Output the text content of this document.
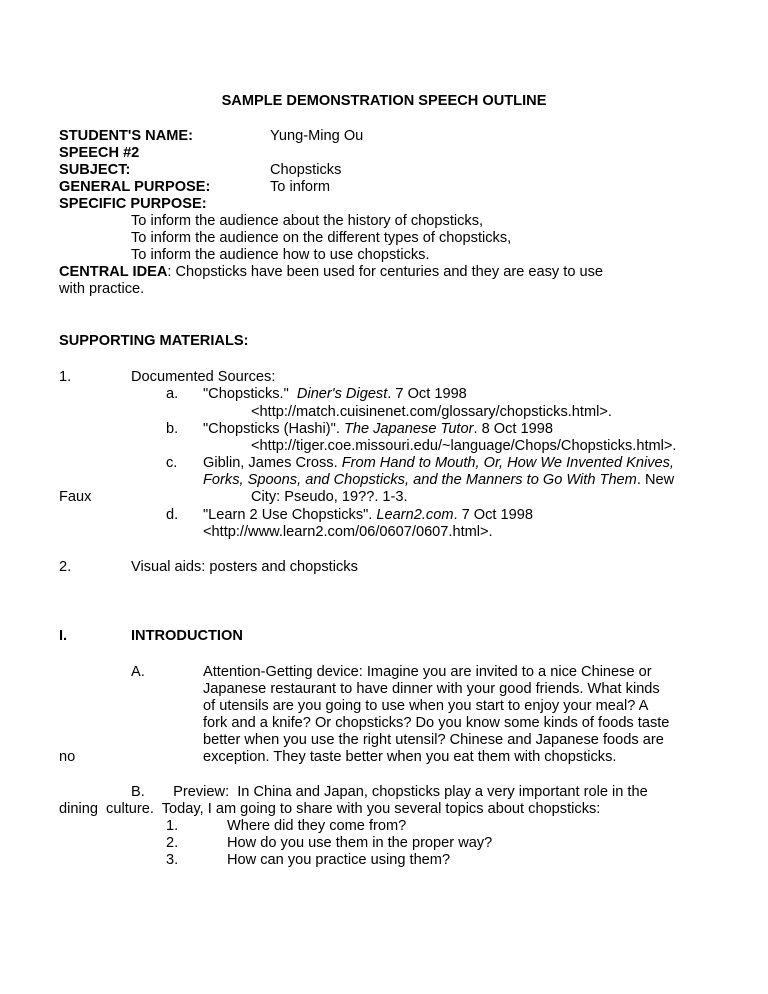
SAMPLE DEMONSTRATION SPEECH OUTLINE
STUDENT'S NAME:	Yung-Ming Ou
SPEECH #2
SUBJECT:	Chopsticks
GENERAL PURPOSE:	To inform
SPECIFIC PURPOSE:
To inform the audience about the history of chopsticks,
To inform the audience on the different types of chopsticks,
To inform the audience how to use chopsticks.
CENTRAL IDEA: Chopsticks have been used for centuries and they are easy to use
with practice.
SUPPORTING MATERIALS:
1.	Documented Sources:
a. "Chopsticks." Diner's Digest. 7 Oct 1998
<http://match.cuisinenet.com/glossary/chopsticks.html>.
b. "Chopsticks (Hashi)". The Japanese Tutor. 8 Oct 1998
<http://tiger.coe.missouri.edu/~language/Chops/Chopsticks.html>.
c. Giblin, James Cross. From Hand to Mouth, Or, How We Invented Knives,
Forks, Spoons, and Chopsticks, and the Manners to Go With Them. New
Faux	City: Pseudo, 19??. 1-3.
d. "Learn 2 Use Chopsticks". Learn2.com. 7 Oct 1998
<http://www.learn2.com/06/0607/0607.html>.
2.	Visual aids: posters and chopsticks
I.	INTRODUCTION
A.	Attention-Getting device: Imagine you are invited to a nice Chinese or
Japanese restaurant to have dinner with your good friends. What kinds
of utensils are you going to use when you start to enjoy your meal? A
fork and a knife? Or chopsticks? Do you know some kinds of foods taste
better when you use the right utensil? Chinese and Japanese foods are
no	exception. They taste better when you eat them with chopsticks.
B.       Preview:  In China and Japan, chopsticks play a very important role in the
dining  culture.  Today, I am going to share with you several topics about chopsticks:
1.	Where did they come from?
2.	How do you use them in the proper way?
3.	How can you practice using them?
